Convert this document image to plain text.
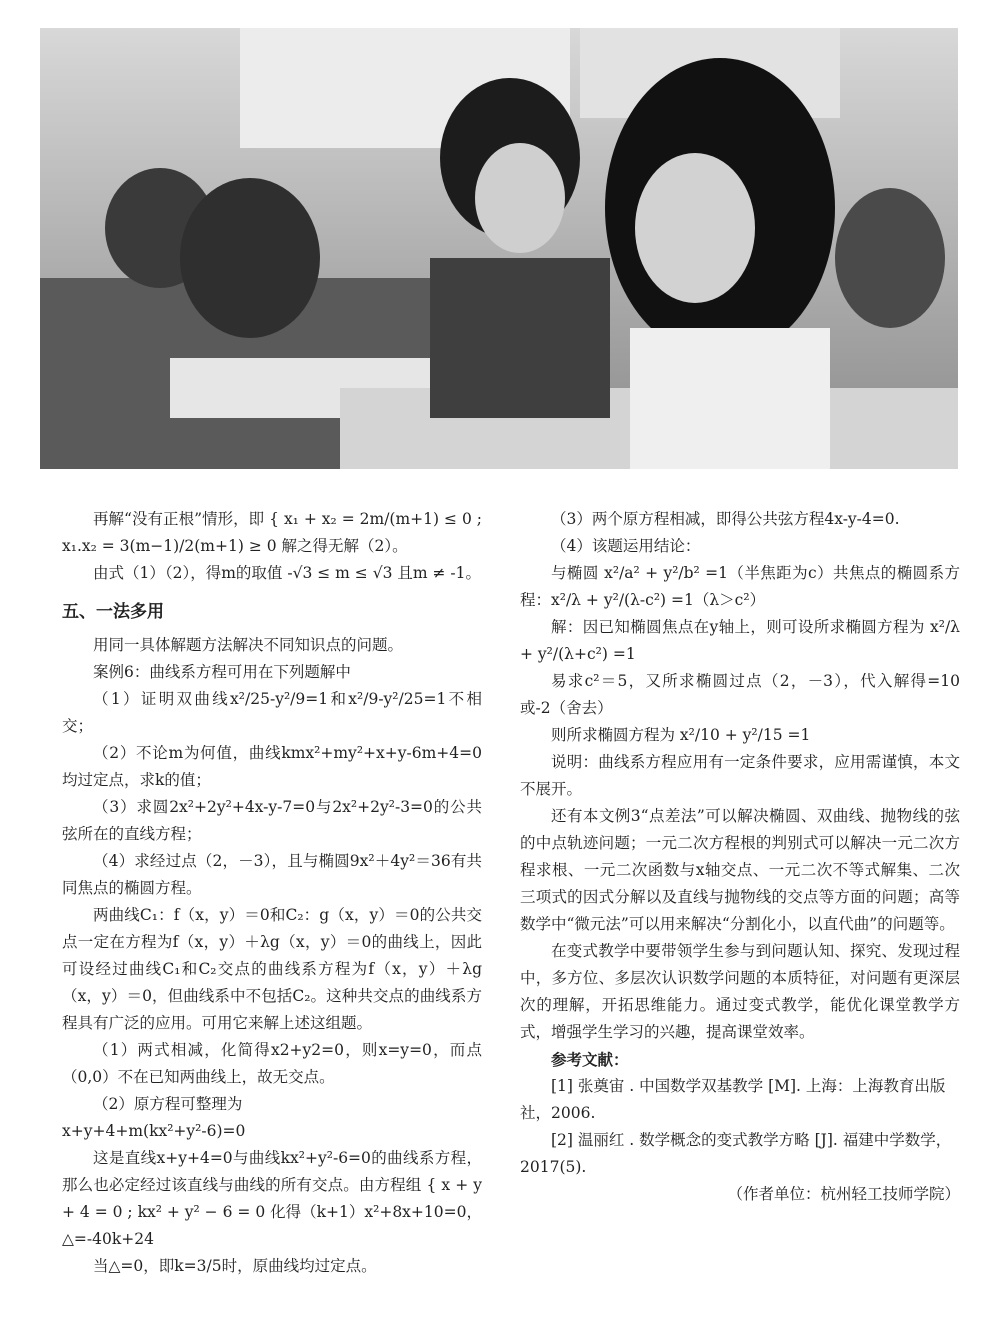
再解“没有正根”情形，即 { x₁ + x₂ = 2m/(m+1) ≤ 0 ; x₁.x₂ = 3(m−1)/2(m+1) ≥ 0 解之得无解（2）。

由式（1）（2），得m的取值 -√3 ≤ m ≤ √3 且m ≠ -1。

五、一法多用

用同一具体解题方法解决不同知识点的问题。

案例6：曲线系方程可用在下列题解中

（1）证明双曲线x²/25-y²/9=1和x²/9-y²/25=1不相交；

（2）不论m为何值，曲线kmx²+my²+x+y-6m+4=0均过定点，求k的值；

（3）求圆2x²+2y²+4x-y-7=0与2x²+2y²-3=0的公共弦所在的直线方程；

（4）求经过点（2，－3），且与椭圆9x²＋4y²＝36有共同焦点的椭圆方程。

两曲线C₁：f（x，y）＝0和C₂：g（x，y）＝0的公共交点一定在方程为f（x，y）＋λg（x，y）＝0的曲线上，因此可设经过曲线C₁和C₂交点的曲线系方程为f（x，y）＋λg（x，y）＝0，但曲线系中不包括C₂。这种共交点的曲线系方程具有广泛的应用。可用它来解上述这组题。

（1）两式相减，化简得x2+y2=0，则x=y=0，而点（0,0）不在已知两曲线上，故无交点。

（2）原方程可整理为

x+y+4+m(kx²+y²-6)=0

这是直线x+y+4=0与曲线kx²+y²-6=0的曲线系方程，那么也必定经过该直线与曲线的所有交点。由方程组 { x + y + 4 = 0 ; kx² + y² − 6 = 0 化得（k+1）x²+8x+10=0，△=-40k+24

当△=0，即k=3/5时，原曲线均过定点。

（3）两个原方程相减，即得公共弦方程4x-y-4=0.

（4）该题运用结论：

与椭圆 x²/a² + y²/b² =1（半焦距为c）共焦点的椭圆系方程：x²/λ + y²/(λ-c²) =1（λ＞c²）

解：因已知椭圆焦点在y轴上，则可设所求椭圆方程为 x²/λ + y²/(λ+c²) =1

易求c²＝5，又所求椭圆过点（2，－3），代入解得=10或-2（舍去）

则所求椭圆方程为 x²/10 + y²/15 =1

说明：曲线系方程应用有一定条件要求，应用需谨慎，本文不展开。

还有本文例3“点差法”可以解决椭圆、双曲线、抛物线的弦的中点轨迹问题；一元二次方程根的判别式可以解决一元二次方程求根、一元二次函数与x轴交点、一元二次不等式解集、二次三项式的因式分解以及直线与抛物线的交点等方面的问题；高等数学中“微元法”可以用来解决“分割化小，以直代曲”的问题等。

在变式教学中要带领学生参与到问题认知、探究、发现过程中，多方位、多层次认识数学问题的本质特征，对问题有更深层次的理解，开拓思维能力。通过变式教学，能优化课堂教学方式，增强学生学习的兴趣，提高课堂效率。

参考文献：

[1] 张奠宙 . 中国数学双基教学 [M]. 上海：上海教育出版社，2006.

[2] 温丽红 . 数学概念的变式教学方略 [J]. 福建中学数学，2017(5).

（作者单位：杭州轻工技师学院）
